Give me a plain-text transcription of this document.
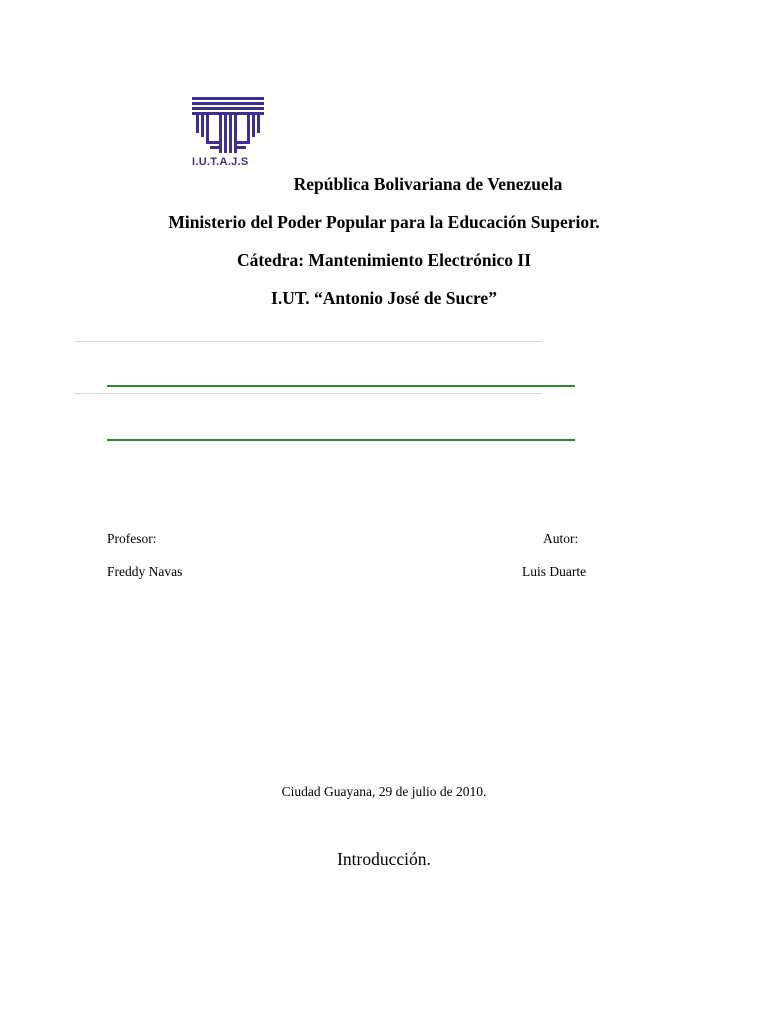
I.U.T.A.J.S
República Bolivariana de Venezuela
Ministerio del Poder Popular para la Educación Superior.
Cátedra: Mantenimiento Electrónico II
I.UT. “Antonio José de Sucre”
Profesor:
Freddy Navas
Autor:
Luis Duarte
Ciudad Guayana, 29 de julio de 2010.
Introducción.
